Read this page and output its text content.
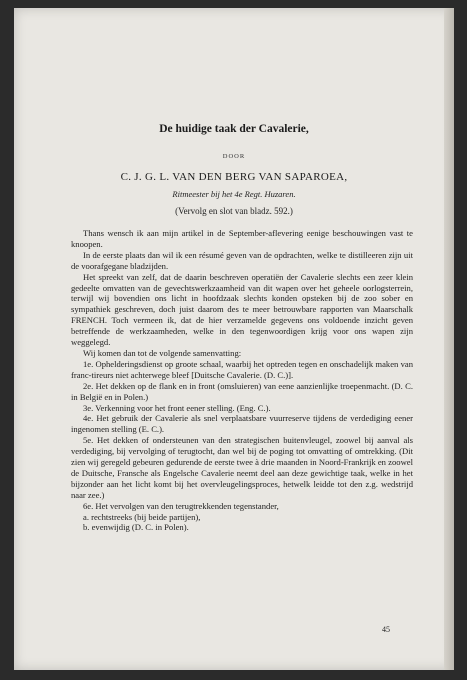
De huidige taak der Cavalerie,
DOOR
C. J. G. L. VAN DEN BERG VAN SAPAROEA,
Ritmeester bij het 4e Regt. Huzaren.
(Vervolg en slot van bladz. 592.)

Thans wensch ik aan mijn artikel in de September-aflevering eenige beschouwingen vast te knoopen.

In de eerste plaats dan wil ik een résumé geven van de opdrachten, welke te distilleeren zijn uit de voorafgegane bladzijden.

Het spreekt van zelf, dat de daarin beschreven operatiën der Cavalerie slechts een zeer klein gedeelte omvatten van de gevechtswerkzaamheid van dit wapen over het geheele oorlogsterrein, terwijl wij bovendien ons licht in hoofdzaak slechts konden opsteken bij de zoo sober en sympathiek geschreven, doch juist daarom des te meer betrouwbare rapporten van Maarschalk FRENCH. Toch vermeen ik, dat de hier verzamelde gegevens ons voldoende inzicht geven betreffende de werkzaamheden, welke in den tegenwoordigen krijg voor ons wapen zijn weggelegd.

Wij komen dan tot de volgende samenvatting:

1e. Ophelderingsdienst op groote schaal, waarbij het optreden tegen en onschadelijk maken van franc-tireurs niet achterwege bleef [Duitsche Cavalerie. (D. C.)].

2e. Het dekken op de flank en in front (omsluieren) van eene aanzienlijke troepenmacht. (D. C. in België en in Polen.)

3e. Verkenning voor het front eener stelling. (Eng. C.).

4e. Het gebruik der Cavalerie als snel verplaatsbare vuurreserve tijdens de verdediging eener ingenomen stelling (E. C.).

5e. Het dekken of ondersteunen van den strategischen buitenvleugel, zoowel bij aanval als verdediging, bij vervolging of terugtocht, dan wel bij de poging tot omvatting of omtrekking. (Dit zien wij geregeld gebeuren gedurende de eerste twee à drie maanden in Noord-Frankrijk en zoowel de Duitsche, Fransche als Engelsche Cavalerie neemt deel aan deze gewichtige taak, welke in het bijzonder aan het licht komt bij het overvleugelingsproces, hetwelk leidde tot den z.g. wedstrijd naar zee.)

6e. Het vervolgen van den terugtrekkenden tegenstander,

a. rechtstreeks (bij beide partijen),

b. evenwijdig (D. C. in Polen).

45
